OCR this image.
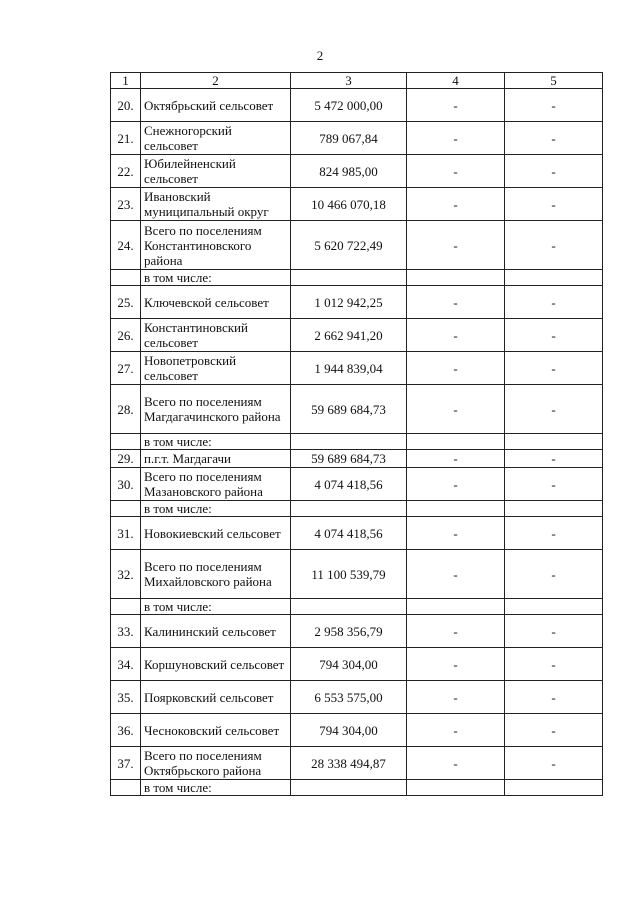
2
1	2	3	4	5
20.	Октябрьский сельсовет	5 472 000,00	-	-
21.	Снежногорский сельсовет	789 067,84	-	-
22.	Юбилейненский сельсовет	824 985,00	-	-
23.	Ивановский муниципальный округ	10 466 070,18	-	-
24.	Всего по поселениям Константиновского района	5 620 722,49	-	-
	в том числе:			
25.	Ключевской сельсовет	1 012 942,25	-	-
26.	Константиновский сельсовет	2 662 941,20	-	-
27.	Новопетровский сельсовет	1 944 839,04	-	-
28.	Всего по поселениям Магдагачинского района	59 689 684,73	-	-
	в том числе:			
29.	п.г.т. Магдагачи	59 689 684,73	-	-
30.	Всего по поселениям Мазановского района	4 074 418,56	-	-
	в том числе:			
31.	Новокиевский сельсовет	4 074 418,56	-	-
32.	Всего по поселениям Михайловского района	11 100 539,79	-	-
	в том числе:			
33.	Калининский сельсовет	2 958 356,79	-	-
34.	Коршуновский сельсовет	794 304,00	-	-
35.	Поярковский сельсовет	6 553 575,00	-	-
36.	Чесноковский сельсовет	794 304,00	-	-
37.	Всего по поселениям Октябрьского района	28 338 494,87	-	-
	в том числе:			
